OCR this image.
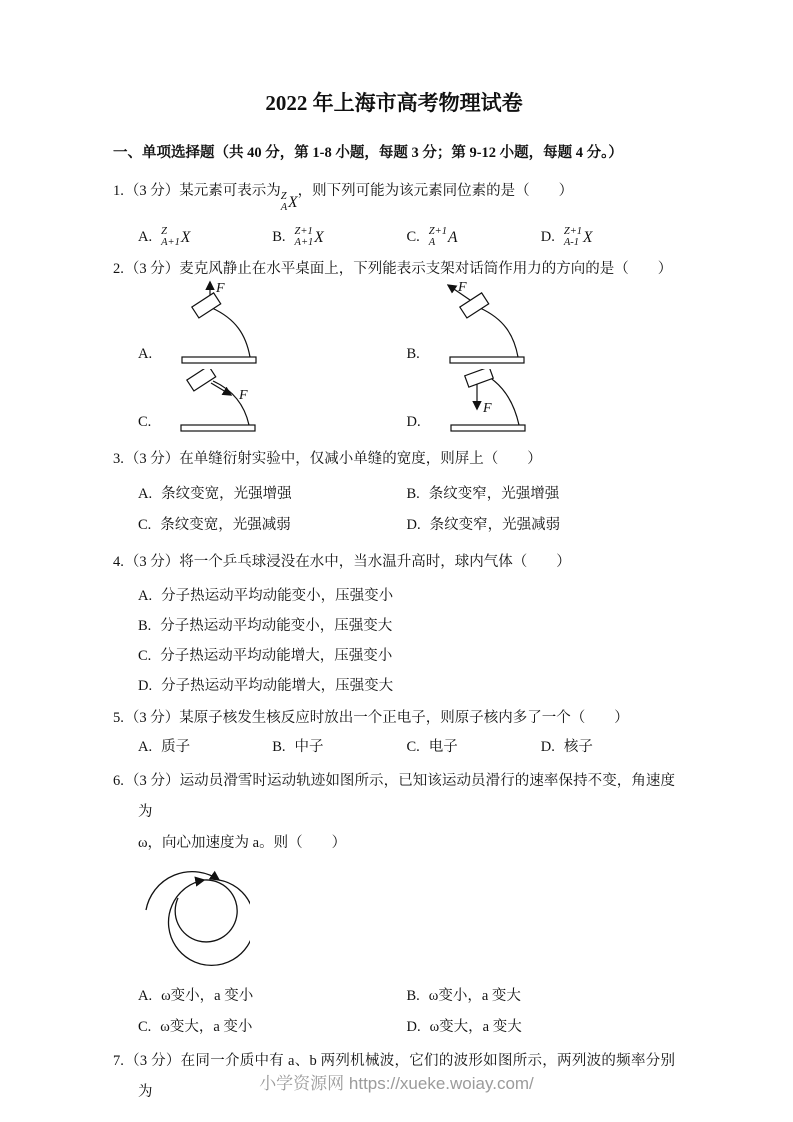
2022 年上海市高考物理试卷
一、单项选择题（共 40 分，第 1-8 小题，每题 3 分；第 9-12 小题，每题 4 分。）
1.（3 分）某元素可表示为 Z
A X
，则下列可能为该元素同位素的是（　　）
A. Z
A+1 X	B. Z+1
A+1 X	C. Z+1
A A	D. Z+1
A-1 X
2.（3 分）麦克风静止在水平桌面上，下列能表示支架对话筒作用力的方向的是（　　）
A.
F
B.
F
C.
F
D.
F
3.（3 分）在单缝衍射实验中，仅减小单缝的宽度，则屏上（　　）
A. 条纹变宽，光强增强	B. 条纹变窄，光强增强
C. 条纹变宽，光强减弱	D. 条纹变窄，光强减弱
4.（3 分）将一个乒乓球浸没在水中，当水温升高时，球内气体（　　）
A. 分子热运动平均动能变小，压强变小
B. 分子热运动平均动能变小，压强变大
C. 分子热运动平均动能增大，压强变小
D. 分子热运动平均动能增大，压强变大
5.（3 分）某原子核发生核反应时放出一个正电子，则原子核内多了一个（　　）
A. 质子	B. 中子	C. 电子	D. 核子
6.（3 分）运动员滑雪时运动轨迹如图所示，已知该运动员滑行的速率保持不变，角速度为
ω，向心加速度为 a。则（　　）
A. ω变小，a 变小	B. ω变小，a 变大
C. ω变大，a 变小	D. ω变大，a 变大
7.（3 分）在同一介质中有 a、b 两列机械波，它们的波形如图所示，两列波的频率分别为	小学资源网 https://xueke.woiay.com/
